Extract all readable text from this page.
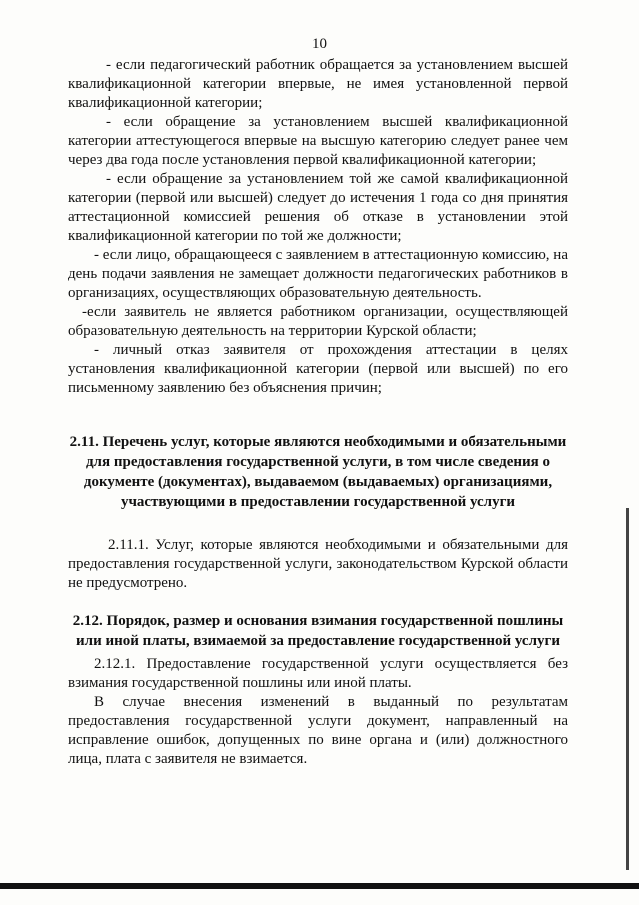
10

- если педагогический работник обращается за установлением высшей квалификационной категории впервые, не имея установленной первой квалификационной категории;

- если обращение за установлением высшей квалификационной категории аттестующегося впервые на высшую категорию следует ранее чем через два года после установления первой квалификационной категории;

- если обращение за установлением той же самой квалификационной категории (первой или высшей) следует до истечения 1 года со дня принятия аттестационной комиссией решения об отказе в установлении этой квалификационной категории по той же должности;

- если лицо, обращающееся с заявлением в аттестационную комиссию, на день подачи заявления не замещает должности педагогических работников в организациях, осуществляющих образовательную деятельность.

-если заявитель не является работником организации, осуществляющей образовательную деятельность на территории Курской области;

- личный отказ заявителя от прохождения аттестации в целях установления квалификационной категории (первой или высшей) по его письменному заявлению без объяснения причин;

2.11. Перечень услуг, которые являются необходимыми и обязательными для предоставления государственной услуги, в том числе сведения о документе (документах), выдаваемом (выдаваемых) организациями, участвующими в предоставлении государственной услуги

2.11.1. Услуг, которые являются необходимыми и обязательными для предоставления государственной услуги, законодательством Курской области не предусмотрено.

2.12. Порядок, размер и основания взимания государственной пошлины или иной платы, взимаемой за предоставление государственной услуги

2.12.1. Предоставление государственной услуги осуществляется без взимания государственной пошлины или иной платы.

В случае внесения изменений в выданный по результатам предоставления государственной услуги документ, направленный на исправление ошибок, допущенных по вине органа и (или) должностного лица, плата с заявителя не взимается.
